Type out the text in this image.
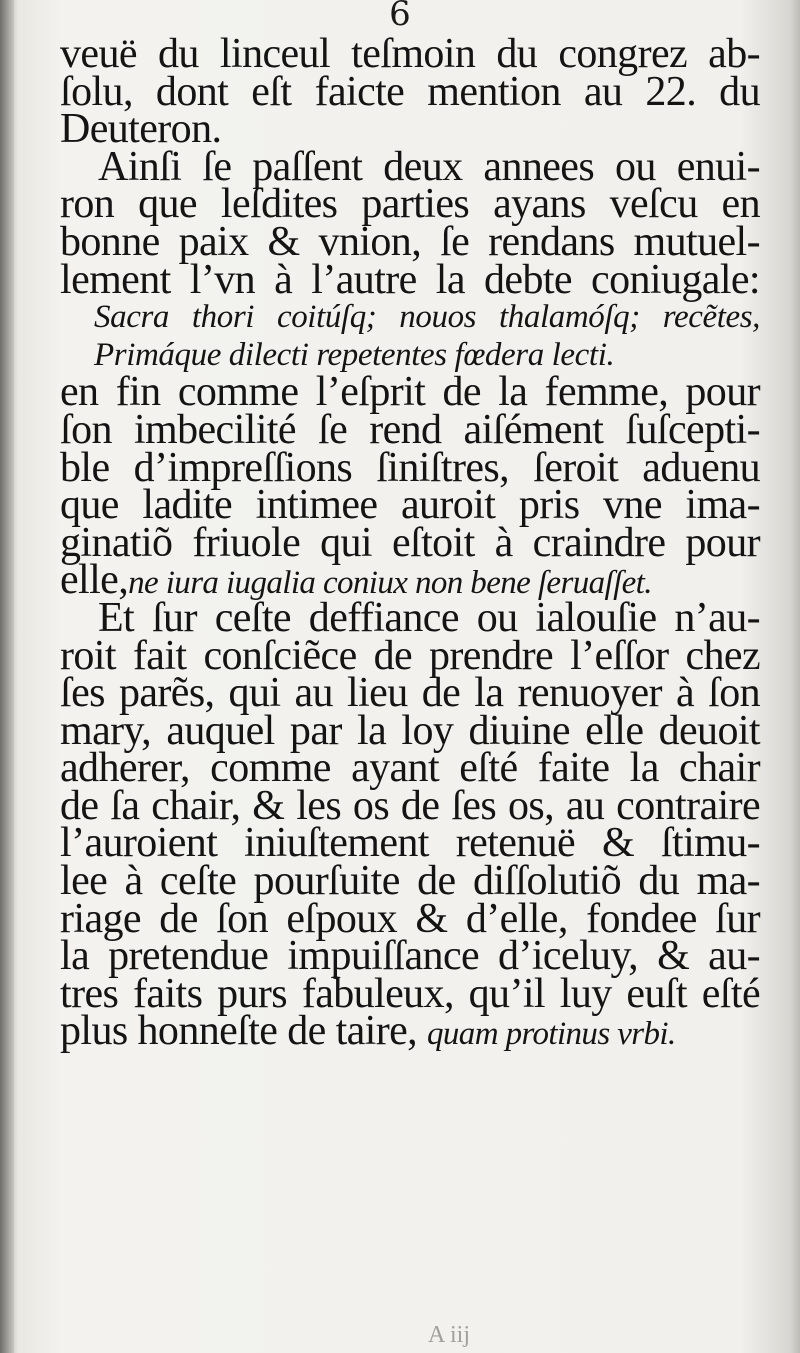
6
veuë du linceul teſmoin du congrez ab-
ſolu, dont eſt faicte mention au 22. du
Deuteron.
Ainſi ſe paſſent deux annees ou enui-
ron que leſdites parties ayans veſcu en
bonne paix & vnion, ſe rendans mutuel-
lement l’vn à l’autre la debte coniugale:
Sacra thori coitúſq; nouos thalamóſq; recẽtes,
Primáque dilecti repetentes fœdera lecti.
en fin comme l’eſprit de la femme, pour
ſon imbecilité ſe rend aiſément ſuſcepti-
ble d’impreſſions ſiniſtres, ſeroit aduenu
que ladite intimee auroit pris vne ima-
ginatiõ friuole qui eſtoit à craindre pour
elle,ne iura iugalia coniux non bene ſeruaſſet.
Et ſur ceſte deffiance ou ialouſie n’au-
roit fait conſciẽce de prendre l’eſſor chez
ſes parẽs, qui au lieu de la renuoyer à ſon
mary, auquel par la loy diuine elle deuoit
adherer, comme ayant eſté faite la chair
de ſa chair, & les os de ſes os, au contraire
l’auroient iniuſtement retenuë & ſtimu-
lee à ceſte pourſuite de diſſolutiõ du ma-
riage de ſon eſpoux & d’elle, fondee ſur
la pretendue impuiſſance d’iceluy, & au-
tres faits purs fabuleux, qu’il luy euſt eſté
plus honneſte de taire, quam protinus vrbi.
A iij
